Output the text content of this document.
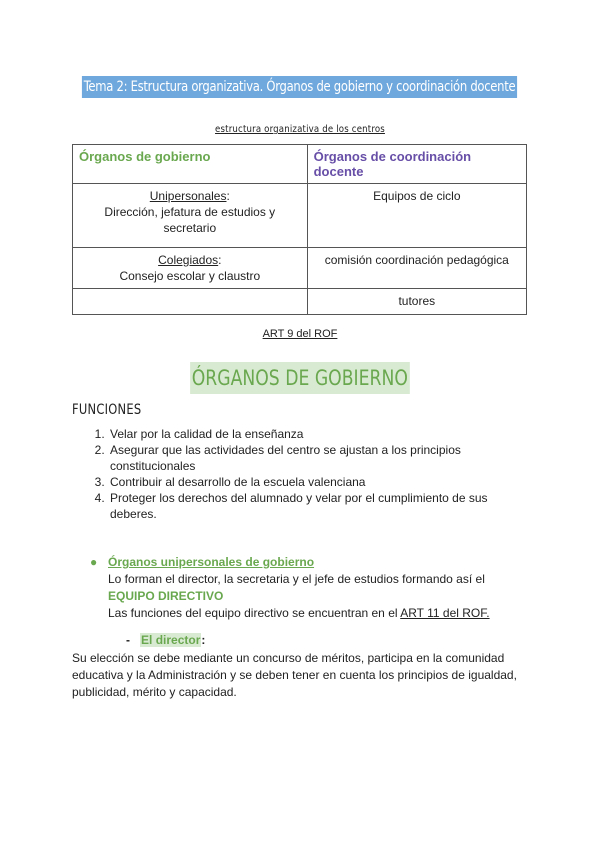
Tema 2: Estructura organizativa. Órganos de gobierno y coordinación docente
estructura organizativa de los centros
Órganos de gobierno	Órganos de coordinación docente
Unipersonales:
Dirección, jefatura de estudios y secretario	Equipos de ciclo
Colegiados:
Consejo escolar y claustro	comisión coordinación pedagógica
	tutores
ART 9 del ROF
ÓRGANOS DE GOBIERNO
FUNCIONES
1. Velar por la calidad de la enseñanza
2. Asegurar que las actividades del centro se ajustan a los principios constitucionales
3. Contribuir al desarrollo de la escuela valenciana
4. Proteger los derechos del alumnado y velar por el cumplimiento de sus deberes.
● Órganos unipersonales de gobierno
Lo forman el director, la secretaria y el jefe de estudios formando así el
EQUIPO DIRECTIVO
Las funciones del equipo directivo se encuentran en el ART 11 del ROF.
- El director:
Su elección se debe mediante un concurso de méritos, participa en la comunidad educativa y la Administración y se deben tener en cuenta los principios de igualdad, publicidad, mérito y capacidad.
